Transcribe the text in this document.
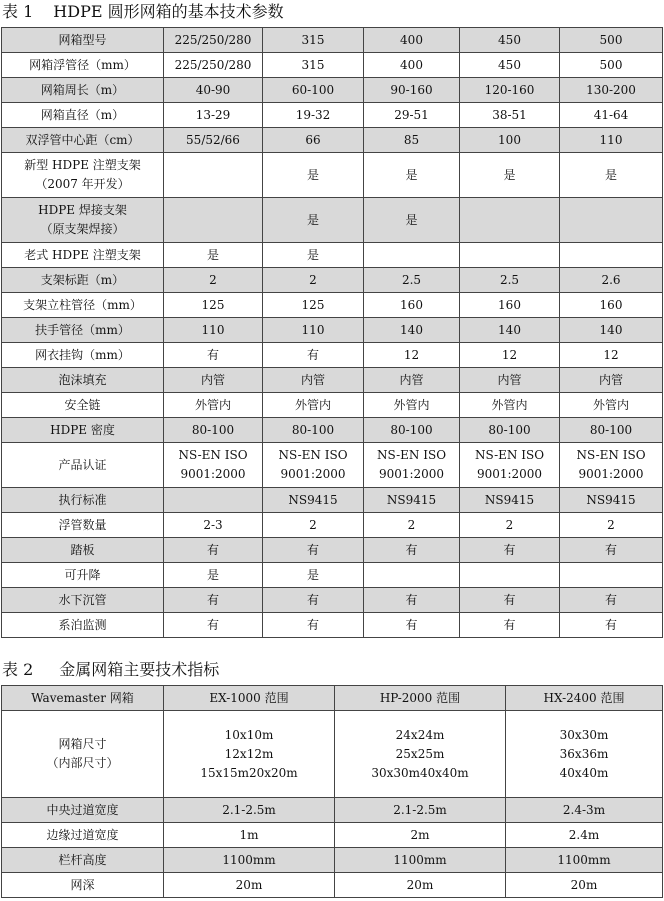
表 1 HDPE 圆形网箱的基本技术参数
网箱型号	225/250/280	315	400	450	500

网箱浮管径（mm）	225/250/280	315	400	450	500

网箱周长（m）	40-90	60-100	90-160	120-160	130-200

网箱直径（m）	13-29	19-32	29-51	38-51	41-64

双浮管中心距（cm）	55/52/66	66	85	100	110

新型 HDPE 注塑支架
（2007 年开发）		是	是	是	是

HDPE 焊接支架
（原支架焊接）		是	是		

老式 HDPE 注塑支架	是	是			

支架标距（m）	2	2	2.5	2.5	2.6

支架立柱管径（mm）	125	125	160	160	160

扶手管径（mm）	110	110	140	140	140

网衣挂钩（mm）	有	有	12	12	12

泡沫填充	内管	内管	内管	内管	内管

安全链	外管内	外管内	外管内	外管内	外管内

HDPE 密度	80-100	80-100	80-100	80-100	80-100

产品认证	NS-EN ISO
9001:2000	NS-EN ISO
9001:2000	NS-EN ISO
9001:2000	NS-EN ISO
9001:2000	NS-EN ISO
9001:2000

执行标准		NS9415	NS9415	NS9415	NS9415

浮管数量	2-3	2	2	2	2

踏板	有	有	有	有	有

可升降	是	是			

水下沉管	有	有	有	有	有

系泊监测	有	有	有	有	有
表 2 金属网箱主要技术指标
Wavemaster 网箱	EX-1000 范围	HP-2000 范围	HX-2400 范围

网箱尺寸
（内部尺寸）	10x10m
12x12m
15x15m20x20m	24x24m
25x25m
30x30m40x40m	30x30m
36x36m
40x40m

中央过道宽度	2.1-2.5m	2.1-2.5m	2.4-3m

边缘过道宽度	1m	2m	2.4m

栏杆高度	1100mm	1100mm	1100mm

网深	20m	20m	20m
